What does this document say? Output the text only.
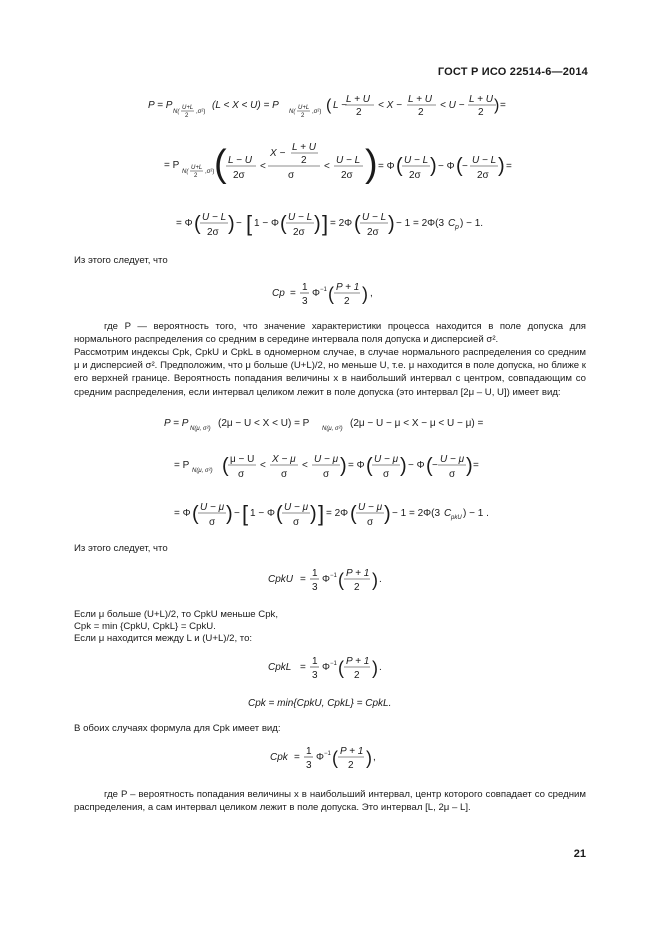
ГОСТ Р ИСО 22514-6—2014
P = P
N(
U+L
2
,σ²)
(L < X < U) = P
N(
U+L
2
,σ²) ( L −
L + U
2
< X −
L + U
2
< U −
L + U
2 ) =
= P
N(
U+L
2
,σ²) ( L − U
2σ
<
X −
L + U
2
σ
<
U − L
2σ ) = Φ ( U − L
2σ ) − Φ ( −
U − L
2σ ) =
= Φ ( U − L
2σ ) − [ 1 − Φ ( U − L
2σ ) ] = 2Φ ( U − L
2σ ) − 1 = 2Φ(3 C p ) − 1.
Из этого следует, что
Cp =
1
3
Φ −1 ( P + 1
2 ) ,
где P — вероятность того, что значение характеристики процесса находится в поле допуска для нормального распределения со средним в середине интервала поля допуска и дисперсией σ².
Рассмотрим индексы Cpk, CpkU и CpkL в одномерном случае, в случае нормального распределения со средним μ и дисперсией σ². Предположим, что μ больше (U+L)/2, но меньше U, т.е. μ находится в поле допуска, но ближе к его верхней границе. Вероятность попадания величины x в наибольший интервал с центром, совпадающим со средним распределения, если интервал целиком лежит в поле допуска (это интервал [2μ – U, U]) имеет вид:
P = P N(μ, σ²) (2μ − U < X < U) = P N(μ, σ²) (2μ − U − μ < X − μ < U − μ) =
= P N(μ, σ²) ( μ − U
σ
<
X − μ
σ
<
U − μ
σ ) = Φ ( U − μ
σ ) − Φ ( −
U − μ
σ ) =
= Φ ( U − μ
σ ) − [ 1 − Φ ( U − μ
σ ) ] = 2Φ ( U − μ
σ ) − 1 = 2Φ(3 C pkU ) − 1 .
Из этого следует, что
CpkU =
1
3
Φ −1 ( P + 1
2 ) .
Если μ больше (U+L)/2, то CpkU меньше Cpk,
Cpk = min {CpkU, CpkL} = CpkU.
Если μ находится между L и (U+L)/2, то:
CpkL =
1
3
Φ −1 ( P + 1
2 ) .
Cpk = min{CpkU, CpkL} = CpkL.
В обоих случаях формула для Cpk имеет вид:
Cpk =
1
3
Φ −1 ( P + 1
2 ) ,
где P – вероятность попадания величины x в наибольший интервал, центр которого совпадает со средним распределения, а сам интервал целиком лежит в поле допуска. Это интервал [L, 2μ – L].
21
